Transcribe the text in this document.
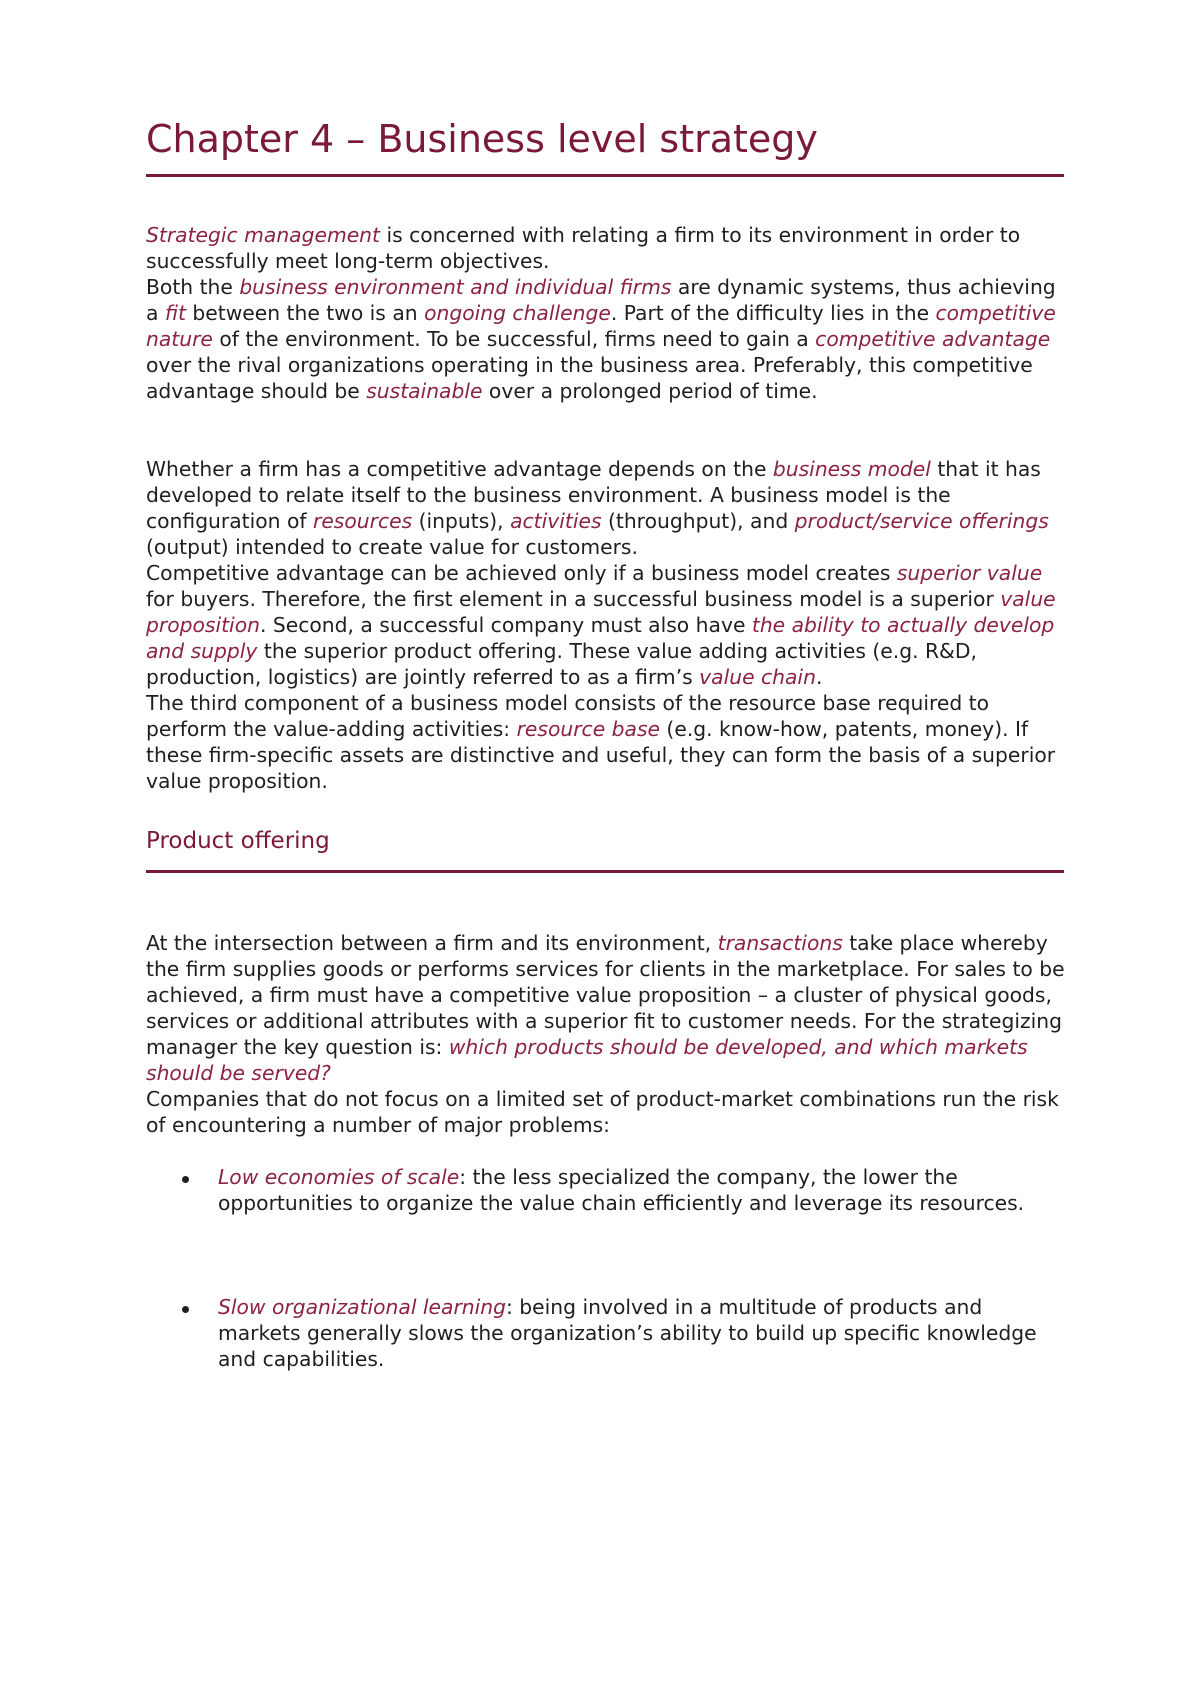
Chapter 4 – Business level strategy

Strategic management is concerned with relating a firm to its environment in order to successfully meet long-term objectives.

Both the business environment and individual firms are dynamic systems, thus achieving a fit between the two is an ongoing challenge. Part of the difficulty lies in the competitive nature of the environment. To be successful, firms need to gain a competitive advantage over the rival organizations operating in the business area. Preferably, this competitive advantage should be sustainable over a prolonged period of time.

Whether a firm has a competitive advantage depends on the business model that it has developed to relate itself to the business environment. A business model is the configuration of resources (inputs), activities (throughput), and product/service offerings (output) intended to create value for customers.

Competitive advantage can be achieved only if a business model creates superior value for buyers. Therefore, the first element in a successful business model is a superior value proposition. Second, a successful company must also have the ability to actually develop and supply the superior product offering. These value adding activities (e.g. R&D, production, logistics) are jointly referred to as a firm’s value chain.

The third component of a business model consists of the resource base required to perform the value-adding activities: resource base (e.g. know-how, patents, money). If these firm-specific assets are distinctive and useful, they can form the basis of a superior value proposition.

Product offering

At the intersection between a firm and its environment, transactions take place whereby the firm supplies goods or performs services for clients in the marketplace. For sales to be achieved, a firm must have a competitive value proposition – a cluster of physical goods, services or additional attributes with a superior fit to customer needs. For the strategizing manager the key question is: which products should be developed, and which markets should be served?

Companies that do not focus on a limited set of product-market combinations run the risk of encountering a number of major problems:

Low economies of scale: the less specialized the company, the lower the opportunities to organize the value chain efficiently and leverage its resources.
Slow organizational learning: being involved in a multitude of products and markets generally slows the organization’s ability to build up specific knowledge and capabilities.
